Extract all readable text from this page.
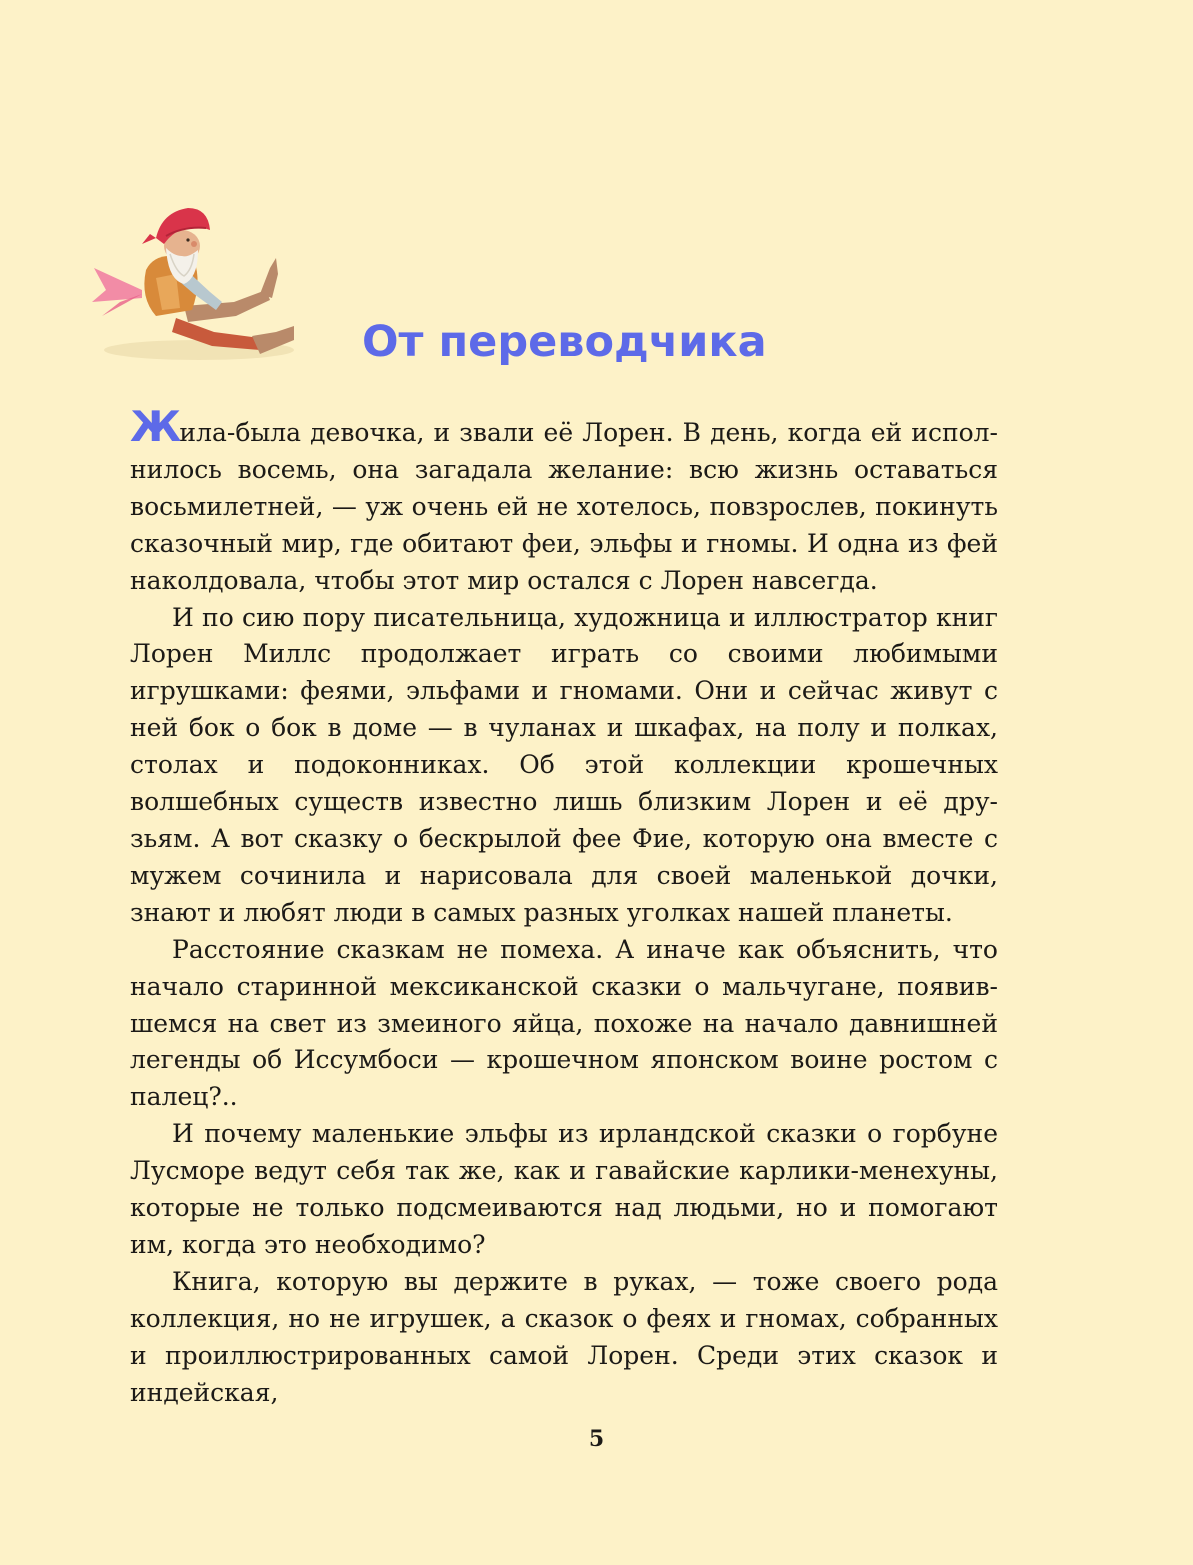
От переводчика

Жила-была девочка, и звали её Лорен. В день, когда ей исполнилось восемь, она загадала желание: всю жизнь оставаться восьмилетней, — уж очень ей не хотелось, повзрослев, покинуть сказочный мир, где обитают феи, эльфы и гномы. И одна из фей наколдовала, чтобы этот мир остался с Лорен навсегда.

И по сию пору писательница, художница и иллюстратор книг Лорен Миллс продолжает играть со своими любимыми игрушками: феями, эльфами и гномами. Они и сейчас живут с ней бок о бок в доме — в чуланах и шкафах, на полу и полках, столах и подоконниках. Об этой коллекции крошечных волшебных существ известно лишь близким Лорен и её друзьям. А вот сказку о бескрылой фее Фие, которую она вместе с мужем сочинила и нарисовала для своей маленькой дочки, знают и любят люди в самых разных уголках нашей планеты.

Расстояние сказкам не помеха. А иначе как объяснить, что начало старинной мексиканской сказки о мальчугане, появившемся на свет из змеиного яйца, похоже на начало давнишней легенды об Иссумбоси — крошечном японском воине ростом с палец?..

И почему маленькие эльфы из ирландской сказки о горбуне Лусморе ведут себя так же, как и гавайские карлики-менехуны, которые не только подсмеиваются над людьми, но и помогают им, когда это необходимо?

Книга, которую вы держите в руках, — тоже своего рода коллекция, но не игрушек, а сказок о феях и гномах, собранных и проиллюстрированных самой Лорен. Среди этих сказок и индейская,

5
